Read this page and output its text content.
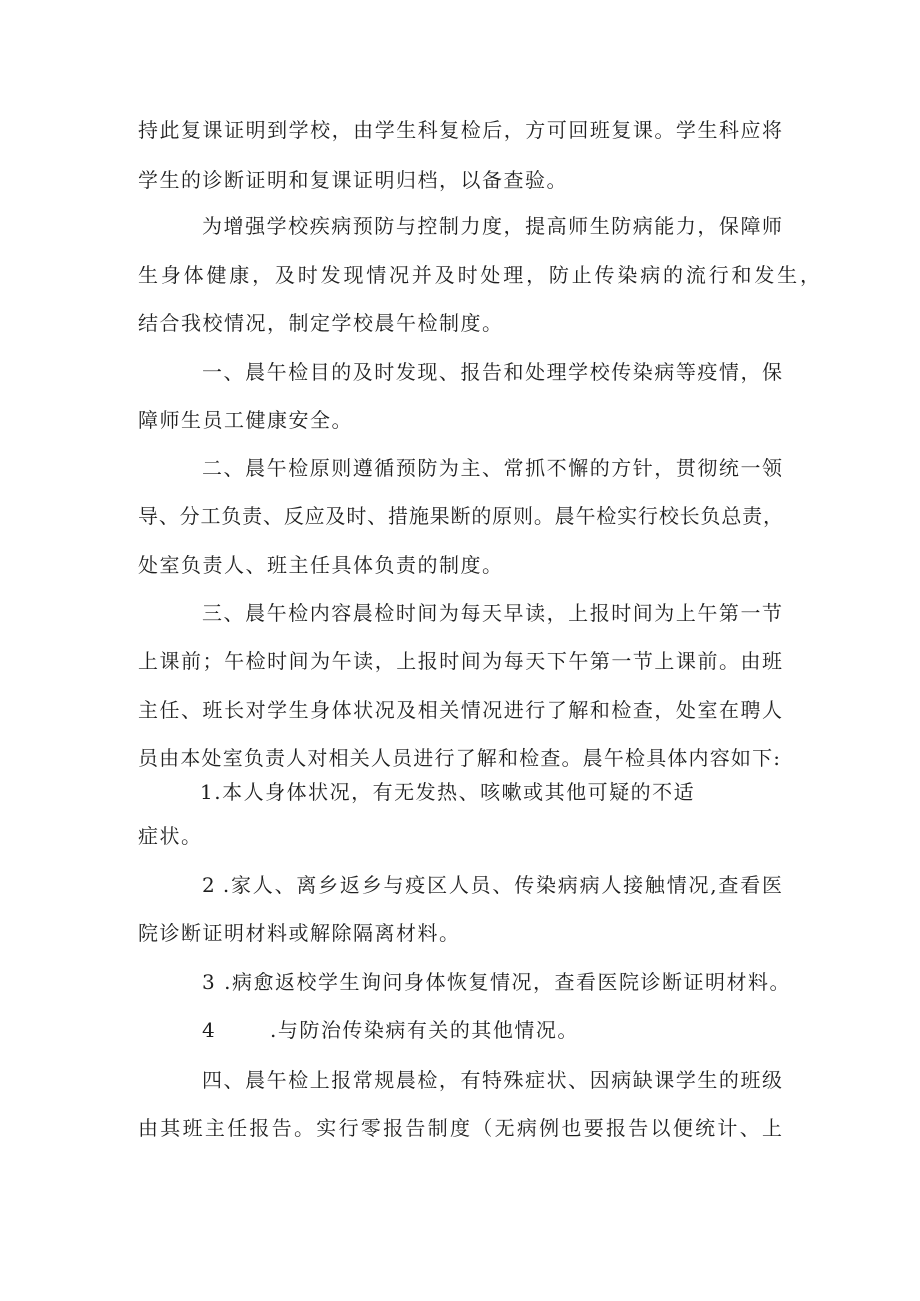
持此复课证明到学校，由学生科复检后，方可回班复课。学生科应将
学生的诊断证明和复课证明归档，以备查验。
为增强学校疾病预防与控制力度，提高师生防病能力，保障师
生身体健康，及时发现情况并及时处理，防止传染病的流行和发生，
结合我校情况，制定学校晨午检制度。
一、晨午检目的及时发现、报告和处理学校传染病等疫情，保
障师生员工健康安全。
二、晨午检原则遵循预防为主、常抓不懈的方针，贯彻统一领
导、分工负责、反应及时、措施果断的原则。晨午检实行校长负总责，
处室负责人、班主任具体负责的制度。
三、晨午检内容晨检时间为每天早读，上报时间为上午第一节
上课前；午检时间为午读，上报时间为每天下午第一节上课前。由班
主任、班长对学生身体状况及相关情况进行了解和检查，处室在聘人
员由本处室负责人对相关人员进行了解和检查。晨午检具体内容如下:
1.本人身体状况，有无发热、咳嗽或其他可疑的不适
症状。
2 .家人、离乡返乡与疫区人员、传染病病人接触情况,查看医
院诊断证明材料或解除隔离材料。
3 .病愈返校学生询问身体恢复情况，查看医院诊断证明材料。
4	.与防治传染病有关的其他情况。
四、晨午检上报常规晨检，有特殊症状、因病缺课学生的班级
由其班主任报告。实行零报告制度（无病例也要报告以便统计、上
